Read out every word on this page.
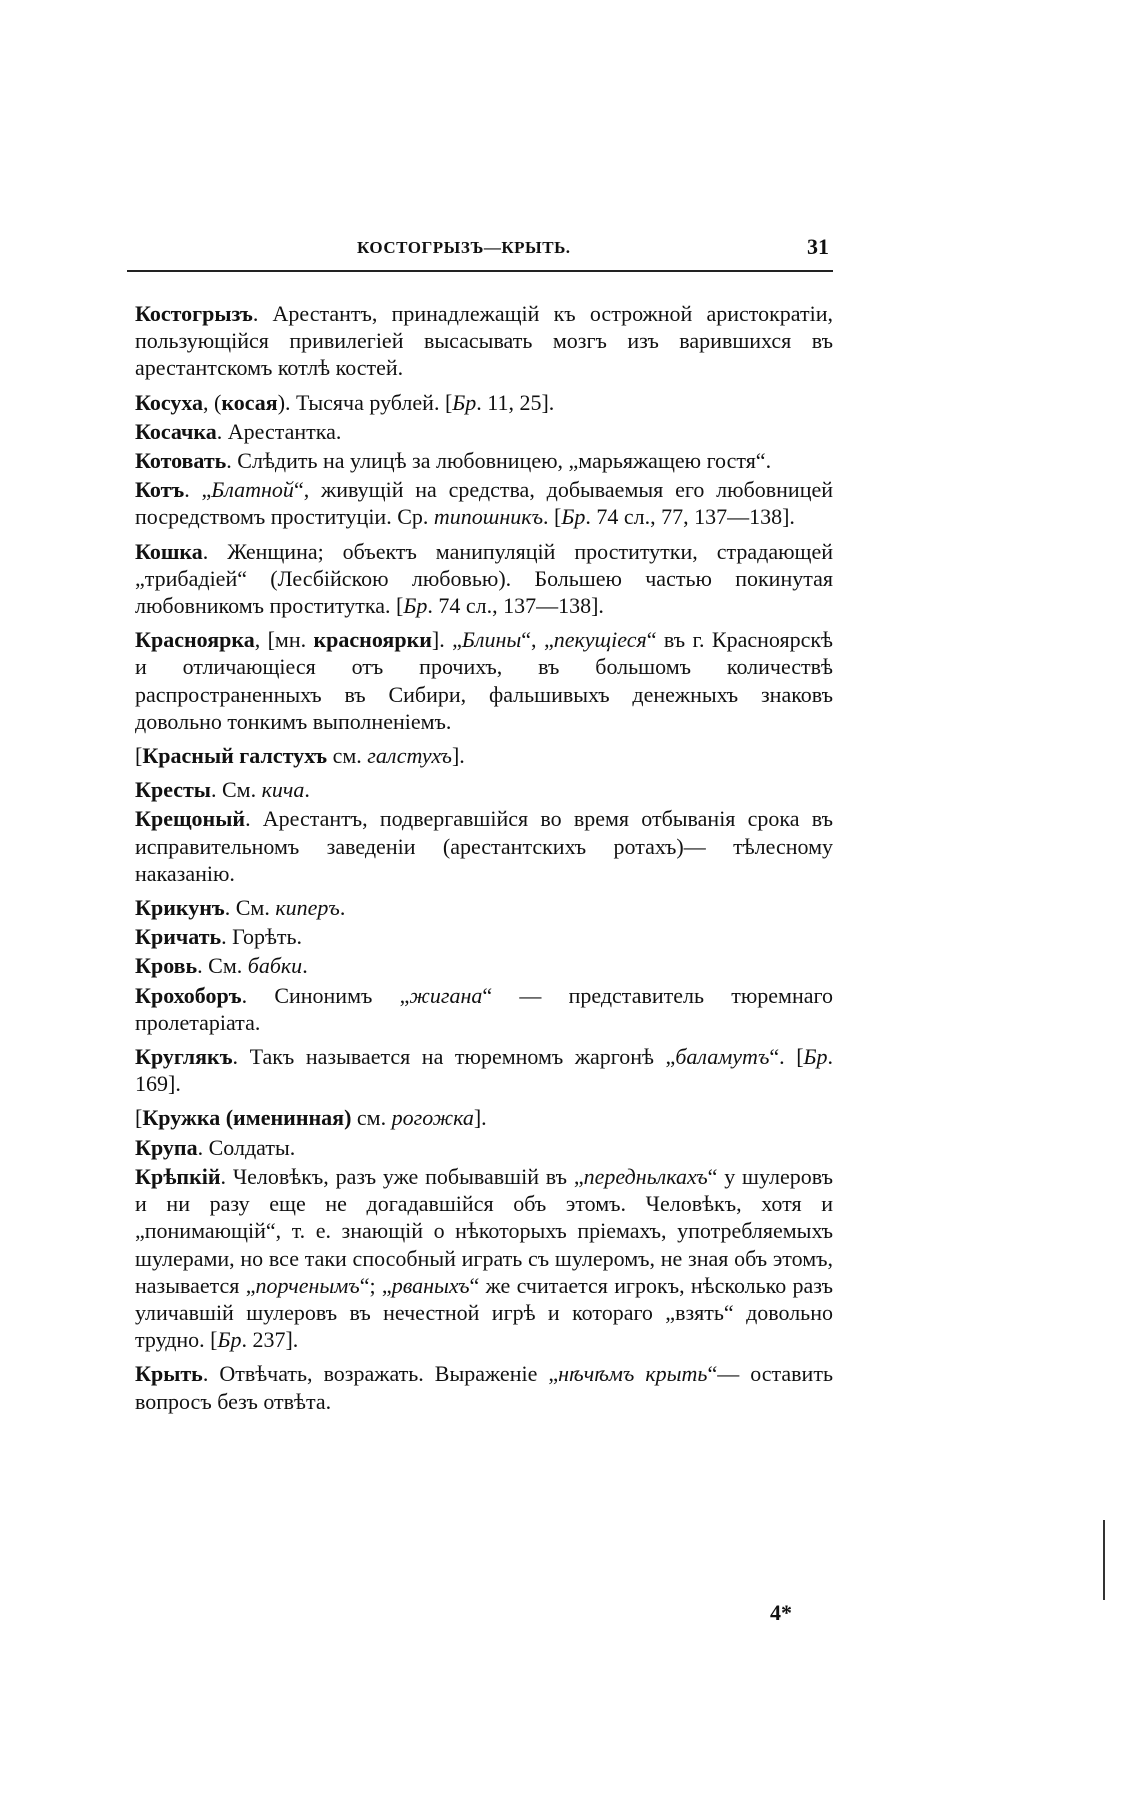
КОСТОГРЫЗЪ—КРЫТЬ.	31

Костогрызъ. Арестантъ, принадлежащій къ острожной аристократіи, пользующійся привилегіей высасывать мозгъ изъ варившихся въ арестантскомъ котлѣ костей.

Косуха, (косая). Тысяча рублей. [Бр. 11, 25].

Косачка. Арестантка.

Котовать. Слѣдить на улицѣ за любовницею, „марьяжащею гостя“.

Котъ. „Блатной“, живущій на средства, добываемыя его любовницей посредствомъ проституціи. Ср. типошникъ. [Бр. 74 сл., 77, 137—138].

Кошка. Женщина; объектъ манипуляцій проститутки, страдающей „трибадіей“ (Лесбійскою любовью). Большею частью покинутая любовникомъ проститутка. [Бр. 74 сл., 137—138].

Красноярка, [мн. красноярки]. „Блины“, „пекущіеся“ въ г. Красноярскѣ и отличающіеся отъ прочихъ, въ большомъ количествѣ распространенныхъ въ Сибири, фальшивыхъ денежныхъ знаковъ довольно тонкимъ выполненіемъ.

[Красный галстухъ см. галстухъ].

Кресты. См. кича.

Крещоный. Арестантъ, подвергавшійся во время отбыванія срока въ исправительномъ заведеніи (арестантскихъ ротахъ)— тѣлесному наказанію.

Крикунъ. См. киперъ.

Кричать. Горѣть.

Кровь. См. бабки.

Крохоборъ. Синонимъ „жигана“ — представитель тюремнаго пролетаріата.

Круглякъ. Такъ называется на тюремномъ жаргонѣ „баламутъ“. [Бр. 169].

[Кружка (именинная) см. рогожка].

Крупа. Солдаты.

Крѣпкій. Человѣкъ, разъ уже побывавшій въ „передньлкахъ“ у шулеровъ и ни разу еще не догадавшійся объ этомъ. Человѣкъ, хотя и „понимающій“, т. е. знающій о нѣкоторыхъ пріемахъ, употребляемыхъ шулерами, но все таки способный играть съ шулеромъ, не зная объ этомъ, называется „порченымъ“; „рваныхъ“ же считается игрокъ, нѣсколько разъ уличавшій шулеровъ въ нечестной игрѣ и котораго „взять“ довольно трудно. [Бр. 237].

Крыть. Отвѣчать, возражать. Выраженіе „нѣчѣмъ крыть“— оставить вопросъ безъ отвѣта.

4*
